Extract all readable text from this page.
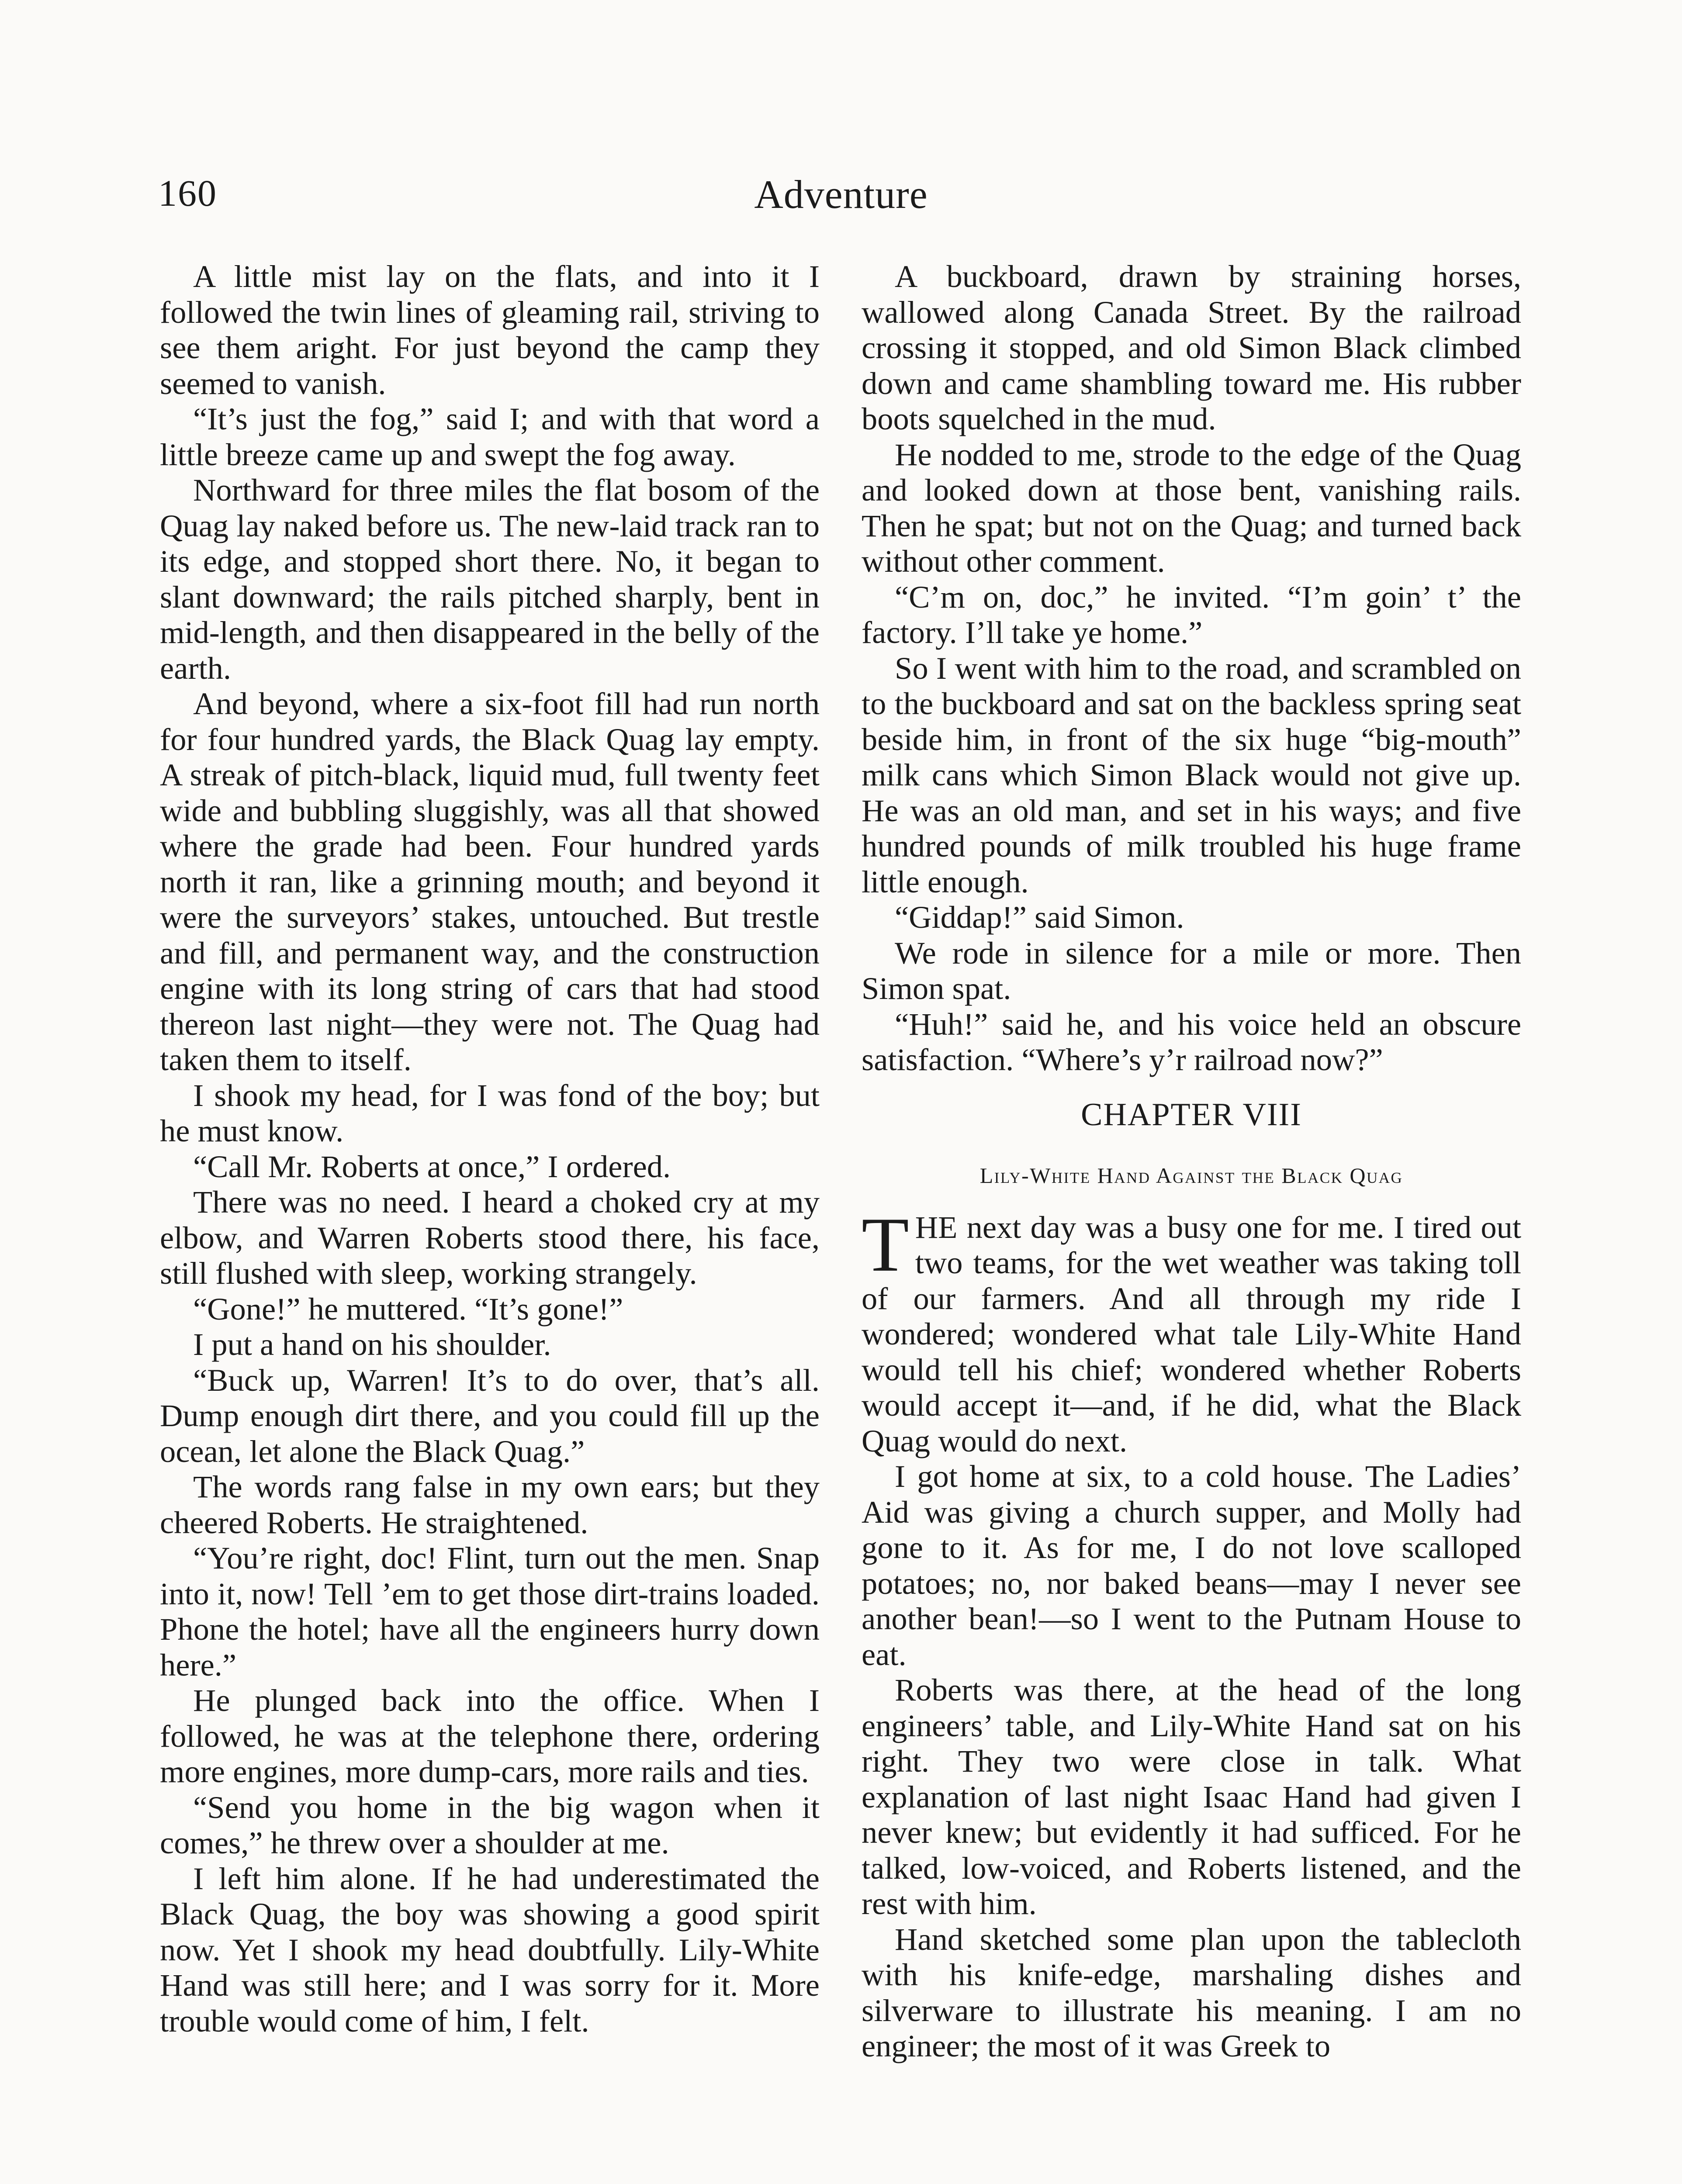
160	Adventure

A little mist lay on the flats, and into it I followed the twin lines of gleaming rail, striving to see them aright. For just beyond the camp they seemed to vanish.

“It’s just the fog,” said I; and with that word a little breeze came up and swept the fog away.

Northward for three miles the flat bosom of the Quag lay naked before us. The new-laid track ran to its edge, and stopped short there. No, it began to slant downward; the rails pitched sharply, bent in mid-length, and then disappeared in the belly of the earth.

And beyond, where a six-foot fill had run north for four hundred yards, the Black Quag lay empty. A streak of pitch-black, liquid mud, full twenty feet wide and bubbling sluggishly, was all that showed where the grade had been. Four hundred yards north it ran, like a grinning mouth; and beyond it were the surveyors’ stakes, untouched. But trestle and fill, and permanent way, and the construction engine with its long string of cars that had stood thereon last night—they were not. The Quag had taken them to itself.

I shook my head, for I was fond of the boy; but he must know.

“Call Mr. Roberts at once,” I ordered.

There was no need. I heard a choked cry at my elbow, and Warren Roberts stood there, his face, still flushed with sleep, working strangely.

“Gone!” he muttered. “It’s gone!”

I put a hand on his shoulder.

“Buck up, Warren! It’s to do over, that’s all. Dump enough dirt there, and you could fill up the ocean, let alone the Black Quag.”

The words rang false in my own ears; but they cheered Roberts. He straightened.

“You’re right, doc! Flint, turn out the men. Snap into it, now! Tell ’em to get those dirt-trains loaded. Phone the hotel; have all the engineers hurry down here.”

He plunged back into the office. When I followed, he was at the telephone there, ordering more engines, more dump-cars, more rails and ties.

“Send you home in the big wagon when it comes,” he threw over a shoulder at me.

I left him alone. If he had underestimated the Black Quag, the boy was showing a good spirit now. Yet I shook my head doubtfully. Lily-White Hand was still here; and I was sorry for it. More trouble would come of him, I felt.

A buckboard, drawn by straining horses, wallowed along Canada Street. By the railroad crossing it stopped, and old Simon Black climbed down and came shambling toward me. His rubber boots squelched in the mud.

He nodded to me, strode to the edge of the Quag and looked down at those bent, vanishing rails. Then he spat; but not on the Quag; and turned back without other comment.

“C’m on, doc,” he invited. “I’m goin’ t’ the factory. I’ll take ye home.”

So I went with him to the road, and scrambled on to the buckboard and sat on the backless spring seat beside him, in front of the six huge “big-mouth” milk cans which Simon Black would not give up. He was an old man, and set in his ways; and five hundred pounds of milk troubled his huge frame little enough.

“Giddap!” said Simon.

We rode in silence for a mile or more. Then Simon spat.

“Huh!” said he, and his voice held an obscure satisfaction. “Where’s y’r railroad now?”

CHAPTER VIII
Lily-White Hand Against the Black Quag

THE next day was a busy one for me. I tired out two teams, for the wet weather was taking toll of our farmers. And all through my ride I wondered; wondered what tale Lily-White Hand would tell his chief; wondered whether Roberts would accept it—and, if he did, what the Black Quag would do next.

I got home at six, to a cold house. The Ladies’ Aid was giving a church supper, and Molly had gone to it. As for me, I do not love scalloped potatoes; no, nor baked beans—may I never see another bean!—so I went to the Putnam House to eat.

Roberts was there, at the head of the long engineers’ table, and Lily-White Hand sat on his right. They two were close in talk. What explanation of last night Isaac Hand had given I never knew; but evidently it had sufficed. For he talked, low-voiced, and Roberts listened, and the rest with him.

Hand sketched some plan upon the tablecloth with his knife-edge, marshaling dishes and silverware to illustrate his meaning. I am no engineer; the most of it was Greek to
